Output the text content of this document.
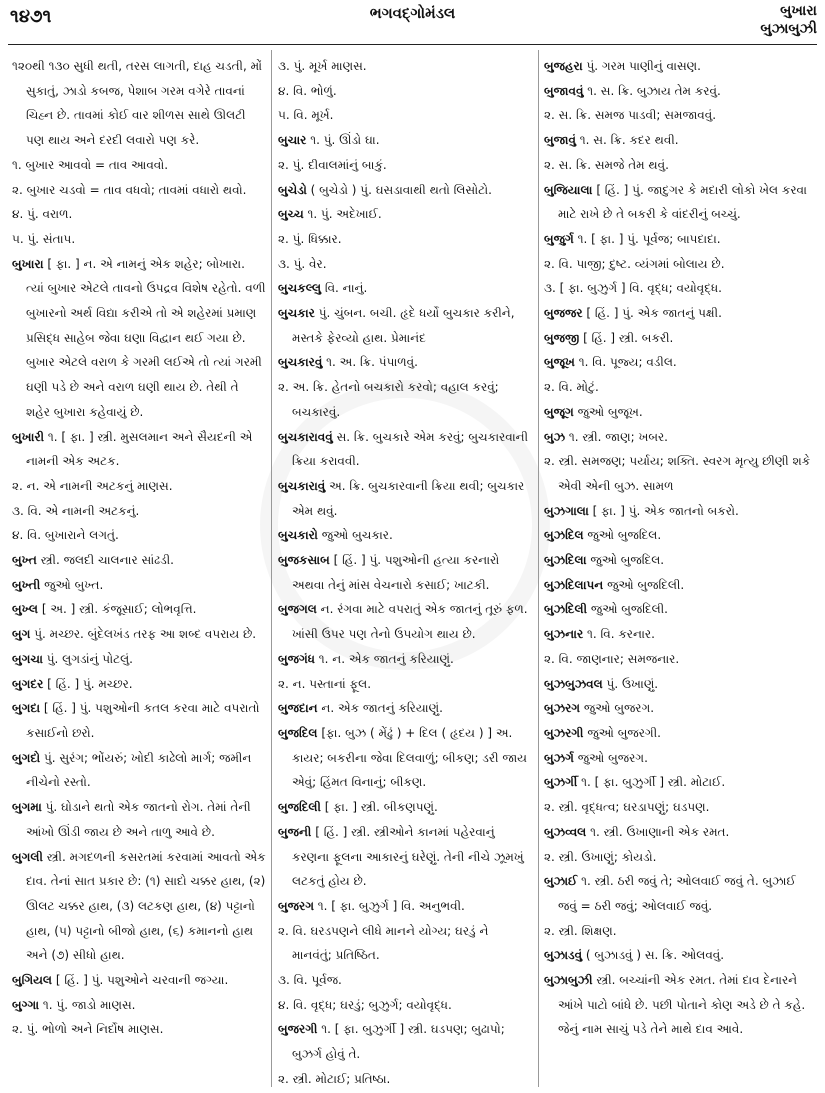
૧૪૭૧	ભગવદ્ગોમંડલ	બુખારા
બુઝાબુઝી

૧૨૦થી ૧૩૦ સુધી થતી, તરસ લાગતી, દાહ ચડતી, મોં સુકાતું, ઝાડો કબજ, પેશાબ ગરમ વગેરે તાવનાં ચિહ્ન છે. તાવમાં કોઈ વાર શીળસ સાથે ઊલટી પણ થાય અને દરદી લવારો પણ કરે.

૧. બુખાર આવવો = તાવ આવવો.

૨. બુખાર ચડવો = તાવ વધવો; તાવમાં વધારો થવો.

૪. પું. વરાળ.

૫. પું. સંતાપ.

બુખારા [ ફા. ] ન. એ નામનું એક શહેર; બોખારા. ત્યાં બુખાર એટલે તાવનો ઉપદ્રવ વિશેષ રહેતો. વળી બુખારનો અર્થ વિદ્યા કરીએ તો એ શહેરમાં પ્રમાણ પ્રસિદ્ધ સાહેબ જેવા ઘણા વિદ્વાન થઈ ગયા છે. બુખાર એટલે વરાળ કે ગરમી લઈએ તો ત્યાં ગરમી ઘણી પડે છે અને વરાળ ઘણી થાય છે. તેથી તે શહેર બુખારા કહેવાયું છે.

બુખારી ૧. [ ફા. ] સ્ત્રી. મુસલમાન અને સૈયદની એ નામની એક અટક.

૨. ન. એ નામની અટકનું માણસ.

૩. વિ. એ નામની અટકનું.

૪. વિ. બુખારાને લગતું.

બુખ્ત સ્ત્રી. જલદી ચાલનાર સાંઢડી.

બુખ્તી જુઓ બુખ્ત.

બુખ્લ [ અ. ] સ્ત્રી. કંજૂસાઈ; લોભવૃત્તિ.

બુગ પું. મચ્છર. બુંદેલખંડ તરફ આ શબ્દ વપરાય છે.

બુગચા પું. લુગડાંનું પોટલું.

બુગદર [ હિં. ] પું. મચ્છર.

બુગદા [ હિં. ] પું. પશુઓની કતલ કરવા માટે વપરાતો કસાઈનો છરો.

બુગદો પું. સુરંગ; ભોંયરું; ખોદી કાઢેલો માર્ગ; જમીન નીચેનો રસ્તો.

બુગમા પું. ઘોડાને થતો એક જાતનો રોગ. તેમાં તેની આંખો ઊંડી જાય છે અને તાળુ આવે છે.

બુગલી સ્ત્રી. મગદળની કસરતમાં કરવામાં આવતો એક દાવ. તેનાં સાત પ્રકાર છે: (૧) સાદો ચક્કર હાથ, (૨) ઊલટ ચક્કર હાથ, (૩) લટકણ હાથ, (૪) પટ્ટાનો હાથ, (૫) પટ્ટાનો બીજો હાથ, (૬) કમાનનો હાથ અને (૭) સીધો હાથ.

બુગિયલ [ હિં. ] પું. પશુઓને ચરવાની જગ્યા.

બુગ્ગા ૧. પું. જાડો માણસ.

૨. પું. ભોળો અને નિર્દોષ માણસ.

૩. પું. મૂર્ખ માણસ.

૪. વિ. ભોળું.

૫. વિ. મૂર્ખ.

બુચાર ૧. પું. ઊંડો ઘા.

૨. પું. દીવાલમાંનું બાકું.

બુચેડો ( બુચેડો ) પું. ઘસડાવાથી થતો લિસોટો.

બુચ્ચ ૧. પું. અદેખાઈ.

૨. પું. ધિક્કાર.

૩. પું. વેર.

બુચકલ્લુ વિ. નાનું.

બુચકાર પું. ચુંબન. બચી. હૃદે ધર્યો બુચકાર કરીને, મસ્તકે ફેરવ્યો હાથ. પ્રેમાનંદ

બુચકારવું ૧. અ. ક્રિ. પંપાળવું.

૨. અ. ક્રિ. હેતનો બચકારો કરવો; વહાલ કરવું; બચકારવું.

બુચકારાવવું સ. ક્રિ. બુચકારે એમ કરવું; બુચકારવાની ક્રિયા કરાવવી.

બુચકારાવું અ. ક્રિ. બુચકારવાની ક્રિયા થવી; બુચકાર એમ થવું.

બુચકારો જુઓ બુચકાર.

બુજકસાબ [ હિં. ] પું. પશુઓની હત્યા કરનારો અથવા તેનું માંસ વેચનારો કસાઈ; ખાટકી.

બુજગલ ન. રંગવા માટે વપરાતું એક જાતનું તૂરું ફળ. ખાંસી ઉપર પણ તેનો ઉપયોગ થાય છે.

બુજગંધ ૧. ન. એક જાતનું કરિયાણું.

૨. ન. પસ્તાનાં ફૂલ.

બુજદાન ન. એક જાતનું કરિયાણું.

બુજદિલ [ફા. બુઝ ( મેંઢું ) + દિલ ( હૃદય ) ] અ. કાયર; બકરીના જેવા દિલવાળું; બીકણ; ડરી જાય એવું; હિંમત વિનાનું; બીકણ.

બુજદિલી [ ફા. ] સ્ત્રી. બીકણપણું.

બુજની [ હિં. ] સ્ત્રી. સ્ત્રીઓને કાનમાં પહેરવાનું કરણના ફૂલના આકારનું ઘરેણું. તેની નીચે ઝૂમખું લટકતું હોય છે.

બુજરગ ૧. [ ફા. બુઝુર્ગ ] વિ. અનુભવી.

૨. વિ. ઘરડપણને લીધે માનને યોગ્ય; ઘરડું ને માનવંતું; પ્રતિષ્ઠિત.

૩. વિ. પૂર્વજ.

૪. વિ. વૃદ્ધ; ઘરડું; બુઝુર્ગ; વયોવૃદ્ધ.

બુજરગી ૧. [ ફા. બુઝુર્ગી ] સ્ત્રી. ઘડપણ; બુઢાપો; બુઝર્ગ હોવું તે.

૨. સ્ત્રી. મોટાઈ; પ્રતિષ્ઠા.

બુજહરા પું. ગરમ પાણીનું વાસણ.

બુજાવવું ૧. સ. ક્રિ. બુઝાય તેમ કરવું.

૨. સ. ક્રિ. સમજ પાડવી; સમજાવવું.

બુજાવું ૧. સ. ક્રિ. કદર થવી.

૨. સ. ક્રિ. સમજે તેમ થવું.

બુજિયાલા [ હિં. ] પું. જાદુગર કે મદારી લોકો ખેલ કરવા માટે રાખે છે તે બકરી કે વાંદરીનું બચ્ચું.

બુજુર્ગ ૧. [ ફા. ] પું. પૂર્વજ; બાપદાદા.

૨. વિ. પાજી; દુષ્ટ. વ્યંગમાં બોલાય છે.

૩. [ ફા. બુઝુર્ગ ] વિ. વૃદ્ધ; વયોવૃદ્ધ.

બુજજર [ હિં. ] પું. એક જાતનું પક્ષી.

બુજજી [ હિં. ] સ્ત્રી. બકરી.

બુજૂખ ૧. વિ. પૂજ્ય; વડીલ.

૨. વિ. મોટું.

બુજૂગ જુઓ બુજૂખ.

બુઝ ૧. સ્ત્રી. જાણ; ખબર.

૨. સ્ત્રી. સમજણ; પર્યાય; શક્તિ. સ્વરગ મૃત્યુ છીણી શકે એવી એની બુઝ. સામળ

બુઝગાલા [ ફા. ] પું. એક જાતનો બકરો.

બુઝદિલ જુઓ બુજદિલ.

બુઝદિલા જુઓ બુજદિલ.

બુઝદિલાપન જુઓ બુજદિલી.

બુઝદિલી જુઓ બુજદિલી.

બુઝનાર ૧. વિ. કરનાર.

૨. વિ. જાણનાર; સમજનાર.

બુઝબુઝવલ પું. ઉખાણું.

બુઝરગ જુઓ બુજરગ.

બુઝરગી જુઓ બુજરગી.

બુઝર્ગ જુઓ બુજરગ.

બુઝર્ગી ૧. [ ફા. બુઝુર્ગી ] સ્ત્રી. મોટાઈ.

૨. સ્ત્રી. વૃદ્ધત્વ; ઘરડાપણું; ઘડપણ.

બુઝવ્વલ ૧. સ્ત્રી. ઉખાણાની એક રમત.

૨. સ્ત્રી. ઉખાણું; કોયડો.

બુઝાઈ ૧. સ્ત્રી. ઠરી જવું તે; ઓલવાઈ જવું તે. બુઝાઈ જવું = ઠરી જવું; ઓલવાઈ જવું.

૨. સ્ત્રી. શિક્ષણ.

બુઝાડવું ( બુઝાડવું ) સ. ક્રિ. ઓલવવું.

બુઝાબુઝી સ્ત્રી. બચ્ચાંની એક રમત. તેમાં દાવ દેનારને આંખે પાટો બાંધે છે. પછી પોતાને કોણ અડે છે તે કહે. જેનું નામ સાચું પડે તેને માથે દાવ આવે.
